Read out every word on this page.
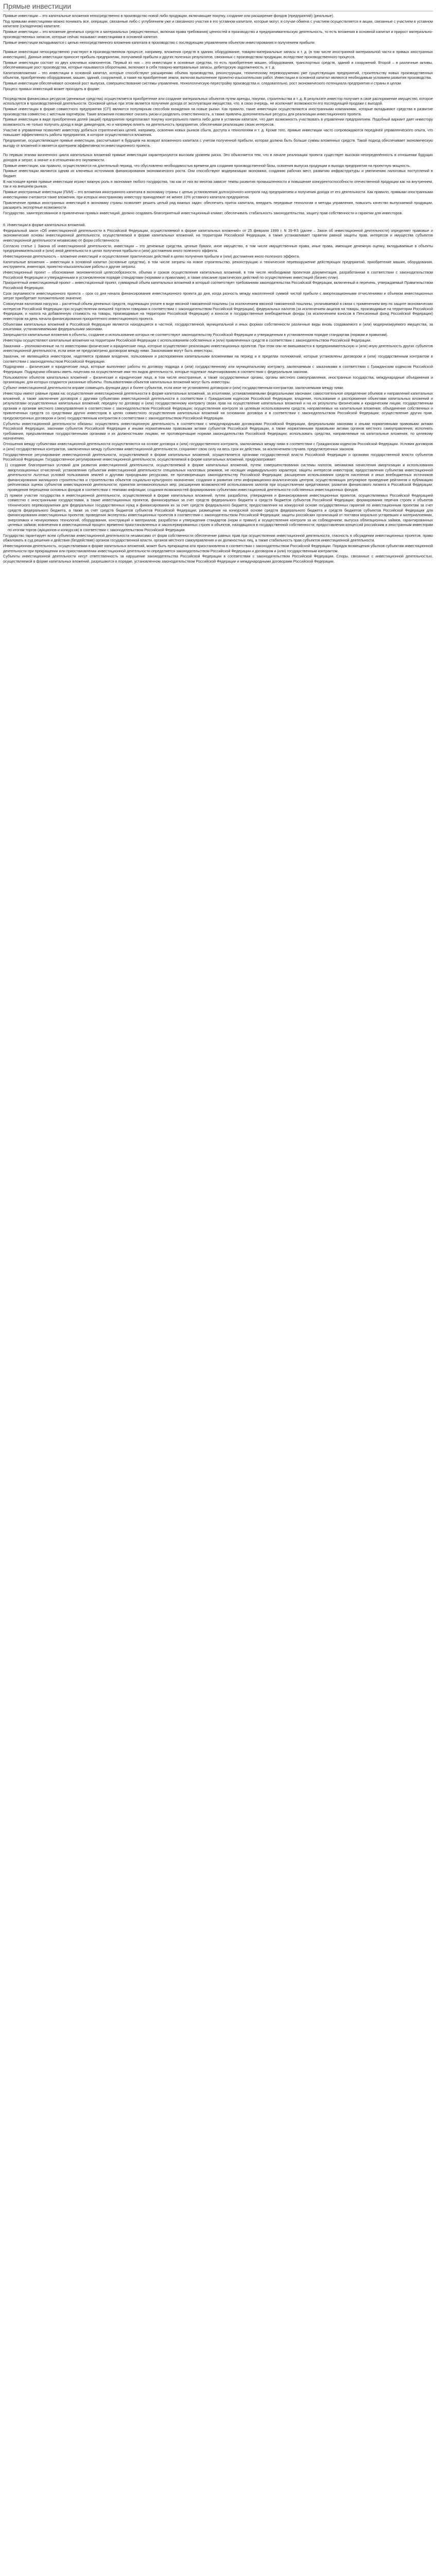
Прямые инвестиции

Прямые инвестиции – это капитальные вложения непосредственно в производство новой либо продукции, включающие покупку, создание или расширение фондов (предприятий) (реальные).

Под прямыми инвестициями можно понимать все, операции, связанные либо с углублением уже и связанного участия в его уставном капитале, которые могут, в случае обмена с участием осуществляется в акции, связанные с участием в уставном капитале (складочном) капитале.

Прямые инвестиции – это вложение денежных средств и материальных (имущественных, включая права требования) ценностей в производство и предпринимательскую деятельность, то есть вложения в основной капитал и прирост материально-производственных запасов, которые сейчас называют инвестициями в основной капитал.

Прямые инвестиции вкладываются с целью непосредственного вложения капитала в производство с последующим управлением объектом инвестирования и получением прибыли.

Прямые инвестиции непосредственно участвуют в производственном процессе, например, вложения средств в здания, оборудование, товарно-материальные запасы и т. д. (в том числе иностранной материальной части в прямых иностранных инвестициях). Данные инвестиции приносят прибыль предприятию, получаемой прибыли и других полезных результатов, связанных с производством продукции, вследствие производственного процесса.

Прямые инвестиции состоят из двух ключевых компонентов. Первый из них – это инвестиции в основные средства, то есть приобретение машин, оборудования, транспортных средств, зданий и сооружений. Второй – в различные активы, обеспечивающие рост производства, которые называются оборотными, включают в себя товарно-материальные запасы, дебиторскую задолженность, и т. д.

Капиталовложения – это инвестиции в основной капитал, которые способствуют расширению объема производства, реконструкции, техническому перевооружению уже существующих предприятий, строительству новых производственных объектов, приобретению оборудования, машин, зданий, сооружений, а также на приобретение земли, включая выполнение проектно-изыскательских работ. Инвестиции в основной капитал являются необходимым условием развития производства.

Прямые инвестиции обеспечивают основной рост выпуска, совершенствование системы управления, технологическую перестройку производства и, следовательно, рост экономического потенциала предприятия и страны в целом.

Процесс прямых инвестиций может проходить в форме:

Посредством финансовых ресурсов (денежные средства) осуществляется приобретение или создание материальных объектов путем аренды, покупки, строительства и т. д. В результате инвестор получает в своё распоряжение имущество, которое используется в производственной деятельности. Основной целью при этом является получение дохода от эксплуатации имущества, что, в свою очередь, не исключает возможности его последующей продажи с выгодой.

Прямые инвестиции в форме совместного предприятия (СП) являются популярным способом вхождения на новые рынки. Как правило, такие инвестиции осуществляются иностранными компаниями, которые вкладывают средства в развитие производства совместно с местным партнёром. Такие вложения позволяют снизить риски и разделить ответственность, а также привлечь дополнительные ресурсы для реализации инвестиционного проекта.

Прямые инвестиции в виде приобретения долей (акций) предприятия предполагают покупку контрольного пакета либо доли в уставном капитале, что дает возможность участвовать в управлении предприятием. Подобный вариант дает инвестору возможность не только получать доход в виде дивидендов, но и напрямую влиять на деятельность предприятия, обеспечивая реализацию своих интересов.

Участие в управлении позволяет инвестору добиться стратегических целей, например, освоения новых рынков сбыта, доступа к технологиям и т. д. Кроме того, прямые инвестиции часто сопровождаются передачей управленческого опыта, что повышает эффективность работы предприятия, в которое осуществляются вложения.

Предприятие, осуществляющее прямые инвестиции, рассчитывает в будущем на возврат вложенного капитала с учетом полученной прибыли, которая должна быть больше суммы вложенных средств. Такой подход обеспечивает экономическую выгоду от вложений и является критерием эффективности инвестиционного проекта.

По первым этапам жизненного цикла капитальных вложений прямые инвестиции характеризуются высоким уровнем риска. Это объясняется тем, что в начале реализации проекта существует высокая неопределённость в отношении будущих доходов и затрат, а значит и в отношении его окупаемости.

Прямые инвестиции, как правило, осуществляются на длительный период, что обусловлено необходимостью времени для создания производственной базы, освоения выпуска продукции и выхода предприятия на проектную мощность.

Прямые инвестиции являются одним из ключевых источников финансирования экономического роста. Они способствуют модернизации экономики, созданию рабочих мест, развитию инфраструктуры и увеличению налоговых поступлений в бюджет.

В настоящее время прямые инвестиции играют важную роль в экономике любого государства, так как от них во многом зависят темпы развития промышленности и повышение конкурентоспособности отечественной продукции как на внутреннем, так и на внешнем рынках.

Прямые иностранные инвестиции (ПИИ) – это вложения иностранного капитала в экономику страны с целью установления долгосрочного контроля над предприятием и получения дохода от его деятельности. Как правило, прямыми иностранными инвестициями считаются такие вложения, при которых иностранному инвестору принадлежит не менее 10% уставного капитала предприятия.

Привлечение прямых иностранных инвестиций в экономику страны позволяет решить целый ряд важных задач: обеспечить приток капитала, внедрить передовые технологии и методы управления, повысить качество выпускаемой продукции, расширить экспортные возможности.

Государство, заинтересованное в привлечении прямых инвестиций, должно создавать благоприятный инвестиционный климат, обеспечивать стабильность законодательства, защиту прав собственности и гарантии для инвесторов.

6. Инвестиции в форме капитальных вложений.

Федеральный закон «Об инвестиционной деятельности в Российской Федерации, осуществляемой в форме капитальных вложений» от 25 февраля 1999 г. N 39-ФЗ (далее – Закон об инвестиционной деятельности) определяет правовые и экономические основы инвестиционной деятельности, осуществляемой в форме капитальных вложений, на территории Российской Федерации, а также устанавливает гарантии равной защиты прав, интересов и имущества субъектов инвестиционной деятельности независимо от форм собственности.

Согласно статье 1 Закона об инвестиционной деятельности, инвестиции – это денежные средства, ценные бумаги, иное имущество, в том числе имущественные права, иные права, имеющие денежную оценку, вкладываемые в объекты предпринимательской и (или) иной деятельности в целях получения прибыли и (или) достижения иного полезного эффекта.

Инвестиционная деятельность – вложение инвестиций и осуществление практических действий в целях получения прибыли и (или) достижения иного полезного эффекта.

Капитальные вложения – инвестиции в основной капитал (основные средства), в том числе затраты на новое строительство, реконструкцию и техническое перевооружение действующих предприятий, приобретение машин, оборудования, инструмента, инвентаря, проектно-изыскательские работы и другие затраты.

Инвестиционный проект – обоснование экономической целесообразности, объема и сроков осуществления капитальных вложений, в том числе необходимая проектная документация, разработанная в соответствии с законодательством Российской Федерации и утвержденными в установленном порядке стандартами (нормами и правилами), а также описание практических действий по осуществлению инвестиций (бизнес-план).

Приоритетный инвестиционный проект – инвестиционный проект, суммарный объем капитальных вложений в который соответствует требованиям законодательства Российской Федерации, включенный в перечень, утверждаемый Правительством Российской Федерации.

Срок окупаемости инвестиционного проекта – срок со дня начала финансирования инвестиционного проекта до дня, когда разность между накопленной суммой чистой прибыли с амортизационными отчислениями и объемом инвестиционных затрат приобретает положительное значение.

Совокупная налоговая нагрузка – расчетный объем денежных средств, подлежащих уплате в виде ввозной таможенной пошлины (за исключением ввозной таможенной пошлины, уплачиваемой в связи с применением мер по защите экономических интересов Российской Федерации при осуществлении внешней торговли товарами в соответствии с законодательством Российской Федерации), федеральных налогов (за исключением акцизов на товары, производимые на территории Российской Федерации, и налога на добавленную стоимость на товары, производимые на территории Российской Федерации) и взносов в государственные внебюджетные фонды (за исключением взносов в Пенсионный фонд Российской Федерации) инвестором на день начала финансирования приоритетного инвестиционного проекта.

Объектами капитальных вложений в Российской Федерации являются находящиеся в частной, государственной, муниципальной и иных формах собственности различные виды вновь создаваемого и (или) модернизируемого имущества, за изъятиями, устанавливаемыми федеральными законами.

Запрещаются капитальные вложения в объекты, создание и использование которых не соответствуют законодательству Российской Федерации и утвержденным в установленном порядке стандартам (нормам и правилам).

Инвесторы осуществляют капитальные вложения на территории Российской Федерации с использованием собственных и (или) привлеченных средств в соответствии с законодательством Российской Федерации.

Заказчики – уполномоченные на то инвесторами физические и юридические лица, которые осуществляют реализацию инвестиционных проектов. При этом они не вмешиваются в предпринимательскую и (или) иную деятельность других субъектов инвестиционной деятельности, если иное не предусмотрено договором между ними. Заказчиками могут быть инвесторы.

Заказчик, не являющийся инвестором, наделяется правами владения, пользования и распоряжения капитальными вложениями на период и в пределах полномочий, которые установлены договором и (или) государственным контрактом в соответствии с законодательством Российской Федерации.

Подрядчики – физические и юридические лица, которые выполняют работы по договору подряда и (или) государственному или муниципальному контракту, заключаемым с заказчиками в соответствии с Гражданским кодексом Российской Федерации. Подрядчики обязаны иметь лицензию на осуществление ими тех видов деятельности, которые подлежат лицензированию в соответствии с федеральным законом.

Пользователи объектов капитальных вложений – физические и юридические лица, в том числе иностранные, а также государственные органы, органы местного самоуправления, иностранные государства, международные объединения и организации, для которых создаются указанные объекты. Пользователями объектов капитальных вложений могут быть инвесторы.

Субъект инвестиционной деятельности вправе совмещать функции двух и более субъектов, если иное не установлено договором и (или) государственным контрактом, заключаемыми между ними.

Инвесторы имеют равные права на: осуществление инвестиционной деятельности в форме капитальных вложений, за изъятиями, устанавливаемыми федеральными законами; самостоятельное определение объемов и направлений капитальных вложений, а также заключение договоров с другими субъектами инвестиционной деятельности в соответствии с Гражданским кодексом Российской Федерации; владение, пользование и распоряжение объектами капитальных вложений и результатами осуществленных капитальных вложений; передачу по договору и (или) государственному контракту своих прав на осуществление капитальных вложений и на их результаты физическим и юридическим лицам, государственным органам и органам местного самоуправления в соответствии с законодательством Российской Федерации; осуществление контроля за целевым использованием средств, направляемых на капитальные вложения; объединение собственных и привлеченных средств со средствами других инвесторов в целях совместного осуществления капитальных вложений на основании договора и в соответствии с законодательством Российской Федерации; осуществление других прав, предусмотренных договором и (или) государственным контрактом в соответствии с законодательством Российской Федерации.

Субъекты инвестиционной деятельности обязаны: осуществлять инвестиционную деятельность в соответствии с международными договорами Российской Федерации, федеральными законами и иными нормативными правовыми актами Российской Федерации, законами субъектов Российской Федерации и иными нормативными правовыми актами субъектов Российской Федерации, а также нормативными правовыми актами органов местного самоуправления; исполнять требования, предъявляемые государственными органами и их должностными лицами, не противоречащие нормам законодательства Российской Федерации; использовать средства, направляемые на капитальные вложения, по целевому назначению.

Отношения между субъектами инвестиционной деятельности осуществляются на основе договора и (или) государственного контракта, заключаемых между ними в соответствии с Гражданским кодексом Российской Федерации. Условия договоров и (или) государственных контрактов, заключенных между субъектами инвестиционной деятельности, сохраняют свою силу на весь срок их действия, за исключением случаев, предусмотренных законом.

Государственное регулирование инвестиционной деятельности, осуществляемой в форме капитальных вложений, осуществляется органами государственной власти Российской Федерации и органами государственной власти субъектов Российской Федерации. Государственное регулирование инвестиционной деятельности, осуществляемой в форме капитальных вложений, предусматривает:

1) создание благоприятных условий для развития инвестиционной деятельности, осуществляемой в форме капитальных вложений, путем: совершенствования системы налогов, механизма начисления амортизации и использования амортизационных отчислений; установления субъектам инвестиционной деятельности специальных налоговых режимов, не носящих индивидуального характера; защиты интересов инвесторов; предоставления субъектам инвестиционной деятельности льготных условий пользования землей и другими природными ресурсами, не противоречащих законодательству Российской Федерации; расширения использования средств населения и иных внебюджетных источников финансирования жилищного строительства и строительства объектов социально-культурного назначения; создания и развития сети информационно-аналитических центров, осуществляющих регулярное проведение рейтингов и публикацию рейтинговых оценок субъектов инвестиционной деятельности; принятия антимонопольных мер; расширения возможностей использования залогов при осуществлении кредитования; развития финансового лизинга в Российской Федерации; проведения переоценки основных фондов в соответствии с темпами инфляции; создания возможностей формирования субъектами инвестиционной деятельности собственных инвестиционных фондов;

2) прямое участие государства в инвестиционной деятельности, осуществляемой в форме капитальных вложений, путем: разработки, утверждения и финансирования инвестиционных проектов, осуществляемых Российской Федерацией совместно с иностранными государствами, а также инвестиционных проектов, финансируемых за счет средств федерального бюджета и средств бюджетов субъектов Российской Федерации; формирования перечня строек и объектов технического перевооружения для федеральных государственных нужд и финансирования их за счет средств федерального бюджета; предоставления на конкурсной основе государственных гарантий по инвестиционным проектам за счет средств федерального бюджета, а также за счет средств бюджетов субъектов Российской Федерации; размещения на конкурсной основе средств федерального бюджета и средств бюджетов субъектов Российской Федерации для финансирования инвестиционных проектов; проведения экспертизы инвестиционных проектов в соответствии с законодательством Российской Федерации; защиты российских организаций от поставок морально устаревших и материалоемких, энергоемких и ненаукоемких технологий, оборудования, конструкций и материалов; разработки и утверждения стандартов (норм и правил) и осуществления контроля за их соблюдением; выпуска облигационных займов, гарантированных целевых займов; вовлечения в инвестиционный процесс временно приостановленных и законсервированных строек и объектов, находящихся в государственной собственности; предоставления концессий российским и иностранным инвесторам по итогам торгов (аукционов и конкурсов) в соответствии с законодательством Российской Федерации.

Государство гарантирует всем субъектам инвестиционной деятельности независимо от форм собственности обеспечение равных прав при осуществлении инвестиционной деятельности, гласность в обсуждении инвестиционных проектов, право обжаловать в суд решения и действия (бездействие) органов государственной власти, органов местного самоуправления и их должностных лиц, а также стабильность прав субъектов инвестиционной деятельности.

Инвестиционная деятельность, осуществляемая в форме капитальных вложений, может быть прекращена или приостановлена в соответствии с законодательством Российской Федерации. Порядок возмещения убытков субъектам инвестиционной деятельности при прекращении или приостановлении инвестиционной деятельности определяется законодательством Российской Федерации и договором и (или) государственным контрактом.

Субъекты инвестиционной деятельности несут ответственность за нарушение законодательства Российской Федерации в соответствии с законодательством Российской Федерации. Споры, связанные с инвестиционной деятельностью, осуществляемой в форме капитальных вложений, разрешаются в порядке, установленном законодательством Российской Федерации и международными договорами Российской Федерации.
